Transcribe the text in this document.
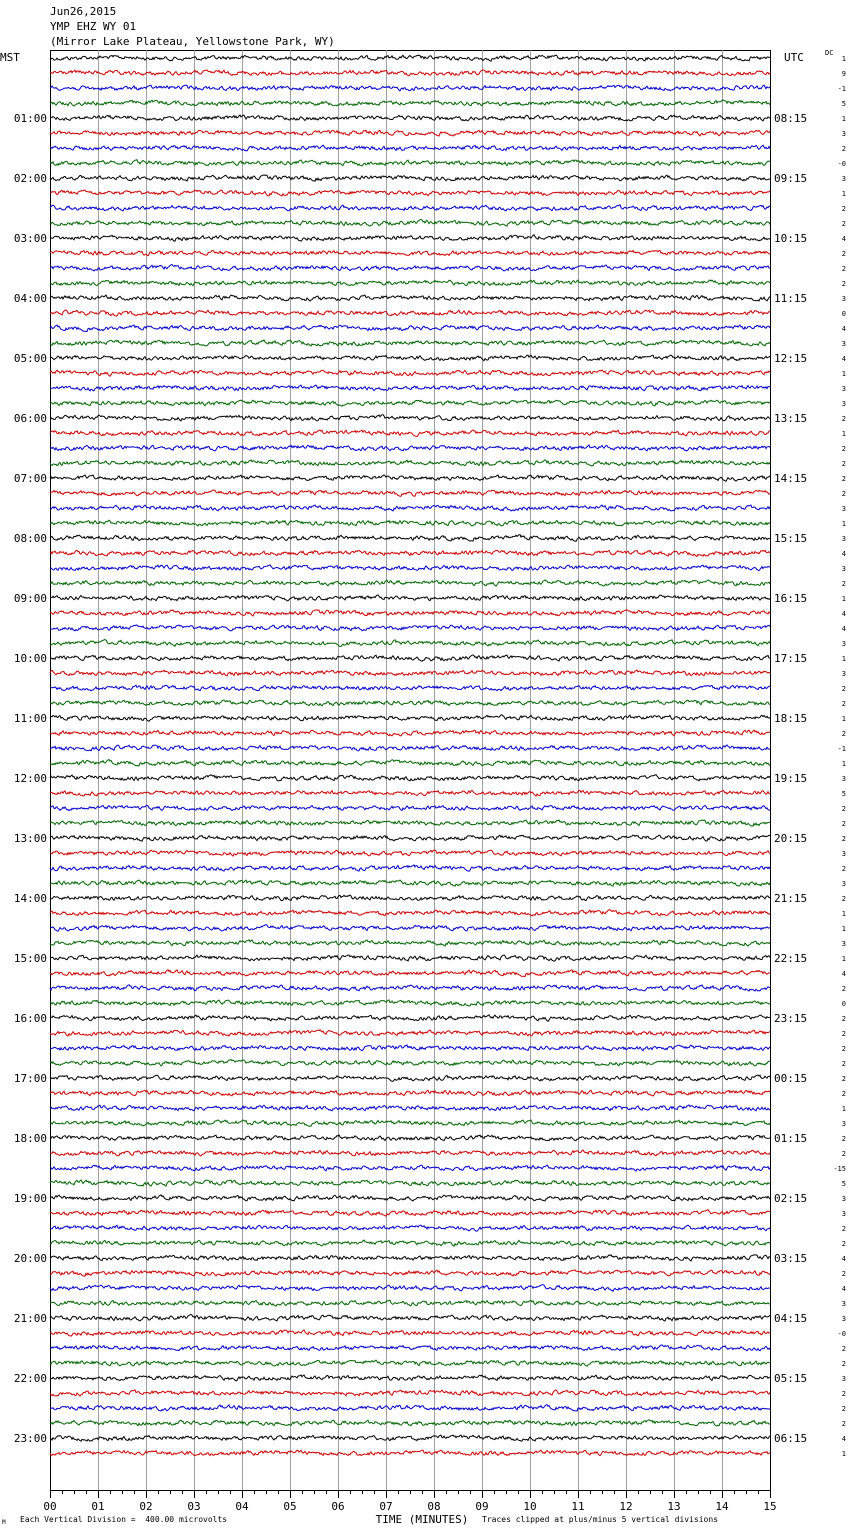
Jun26,2015
YMP EHZ WY 01
(Mirror Lake Plateau, Yellowstone Park, WY)
MST	UTC	DC
00	01	02	03	04	05	06	07	08	09	10	11	12	13	14	15
01:00
02:00
03:00
04:00
05:00
06:00
07:00
08:00
09:00
10:00
11:00
12:00
13:00
14:00
15:00
16:00
17:00
18:00
19:00
20:00
21:00
22:00
23:00
08:15
09:15
10:15
11:15
12:15
13:15
14:15
15:15
16:15
17:15
18:15
19:15
20:15
21:15
22:15
23:15
00:15
01:15
02:15
03:15
04:15
05:15
06:15
1
9
-1
5
1
3
2
-0
3
1
2
2
4
2
2
2
3
0
4
3
4
1
3
3
2
1
2
2
2
2
3
1
3
4
3
2
1
4
4
3
1
3
2
2
1
2
-1
1
3
5
2
2
2
3
2
3
2
1
1
3
1
4
2
0
2
2
2
2
2
2
1
3
2
2
-15
5
3
3
2
2
4
2
4
3
3
-0
2
2
3
2
2
2
4
1
TIME (MINUTES)
Each Vertical Division =  400.00 microvolts	Traces clipped at plus/minus 5 vertical divisions
M
